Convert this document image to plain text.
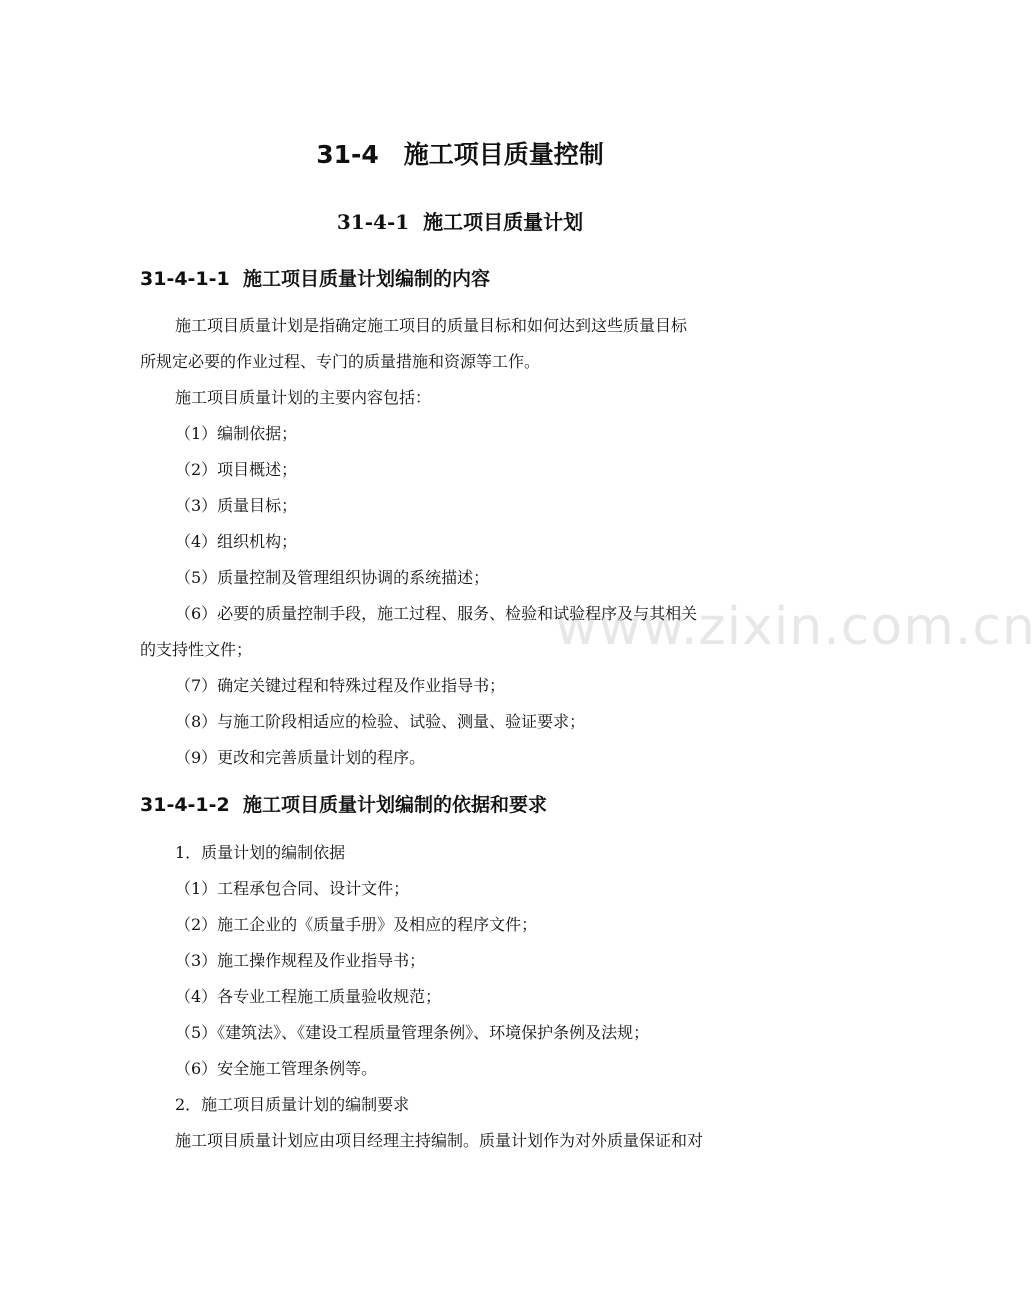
31-4　施工项目质量控制
31-4-1  施工项目质量计划
31-4-1-1  施工项目质量计划编制的内容
施工项目质量计划是指确定施工项目的质量目标和如何达到这些质量目标
所规定必要的作业过程、专门的质量措施和资源等工作。
施工项目质量计划的主要内容包括：
（1）编制依据；
（2）项目概述；
（3）质量目标；
（4）组织机构；
（5）质量控制及管理组织协调的系统描述；
（6）必要的质量控制手段，施工过程、服务、检验和试验程序及与其相关
的支持性文件；
（7）确定关键过程和特殊过程及作业指导书；
（8）与施工阶段相适应的检验、试验、测量、验证要求；
（9）更改和完善质量计划的程序。
31-4-1-2  施工项目质量计划编制的依据和要求
1．质量计划的编制依据
（1）工程承包合同、设计文件；
（2）施工企业的《质量手册》及相应的程序文件；
（3）施工操作规程及作业指导书；
（4）各专业工程施工质量验收规范；
（5）《建筑法》、《建设工程质量管理条例》、环境保护条例及法规；
（6）安全施工管理条例等。
2．施工项目质量计划的编制要求
施工项目质量计划应由项目经理主持编制。质量计划作为对外质量保证和对
www.zixin.com.cn
